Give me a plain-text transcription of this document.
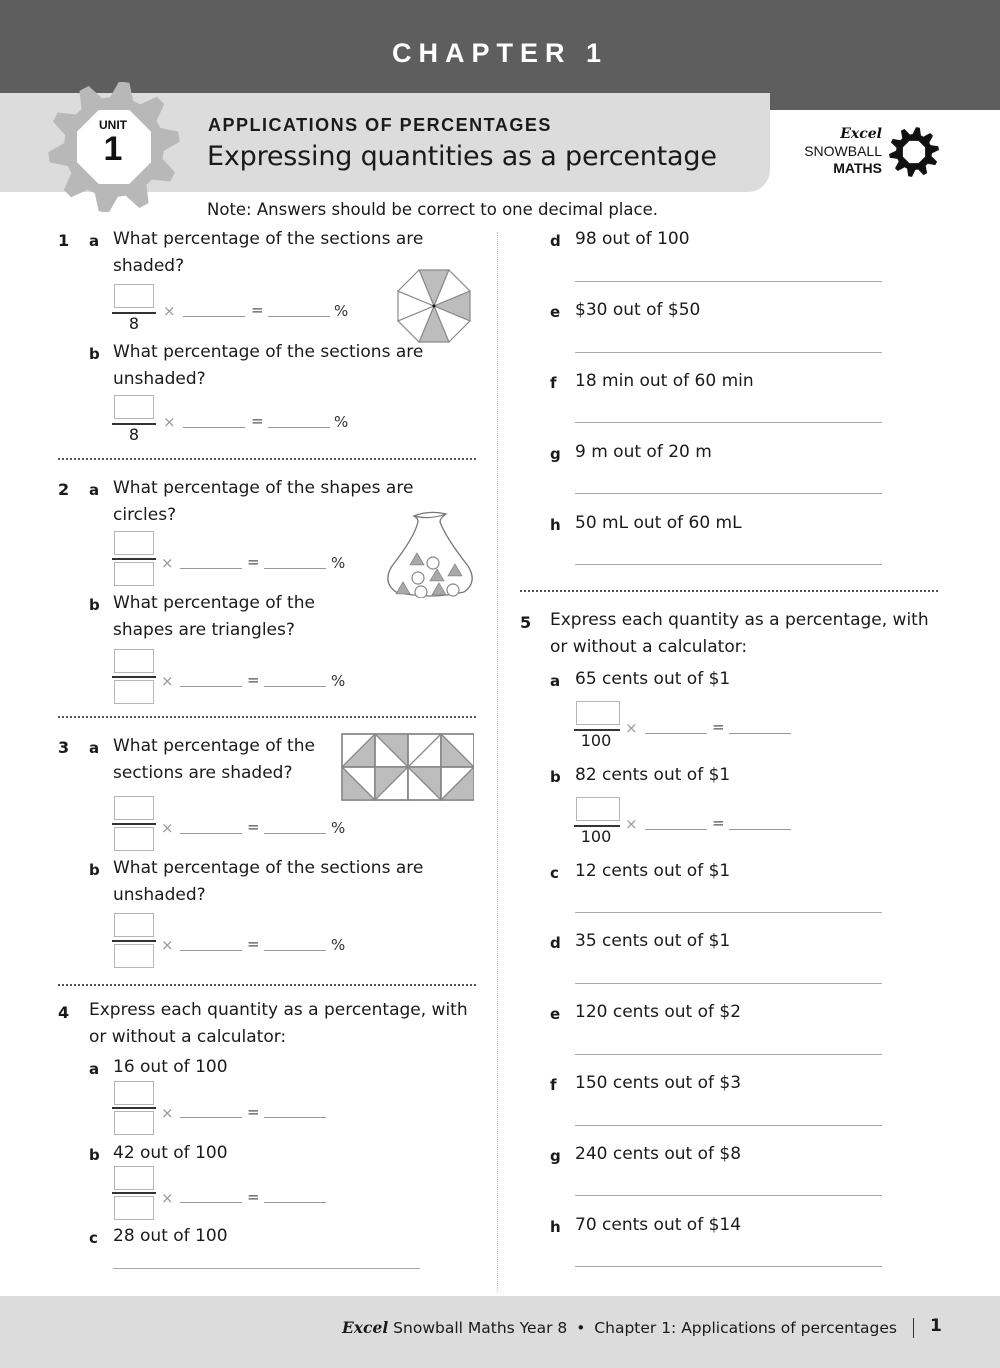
CHAPTER 1
UNIT
1
APPLICATIONS OF PERCENTAGES
Expressing quantities as a percentage
Excel
SNOWBALL
MATHS
Note: Answers should be correct to one decimal place.
1 a What percentage of the sections are
shaded?
8
×	=	%
b What percentage of the sections are
unshaded?
8
×	=	%
2 a What percentage of the shapes are
circles?
×	=	%
b What percentage of the
shapes are triangles?
×	=	%
3 a What percentage of the
sections are shaded?
×	=	%
b What percentage of the sections are
unshaded?
×	=	%
4 Express each quantity as a percentage, with
or without a calculator:
a 16 out of 100
×	=
b 42 out of 100
×	=
c 28 out of 100
d 98 out of 100
e $30 out of $50
f 18 min out of 60 min
g 9 m out of 20 m
h 50 mL out of 60 mL
5 Express each quantity as a percentage, with
or without a calculator:
a 65 cents out of $1
100
×	=
b 82 cents out of $1
100
×	=
c 12 cents out of $1
d 35 cents out of $1
e 120 cents out of $2
f 150 cents out of $3
g 240 cents out of $8
h 70 cents out of $14
Excel Snowball Maths Year 8 • Chapter 1: Applications of percentages 1
